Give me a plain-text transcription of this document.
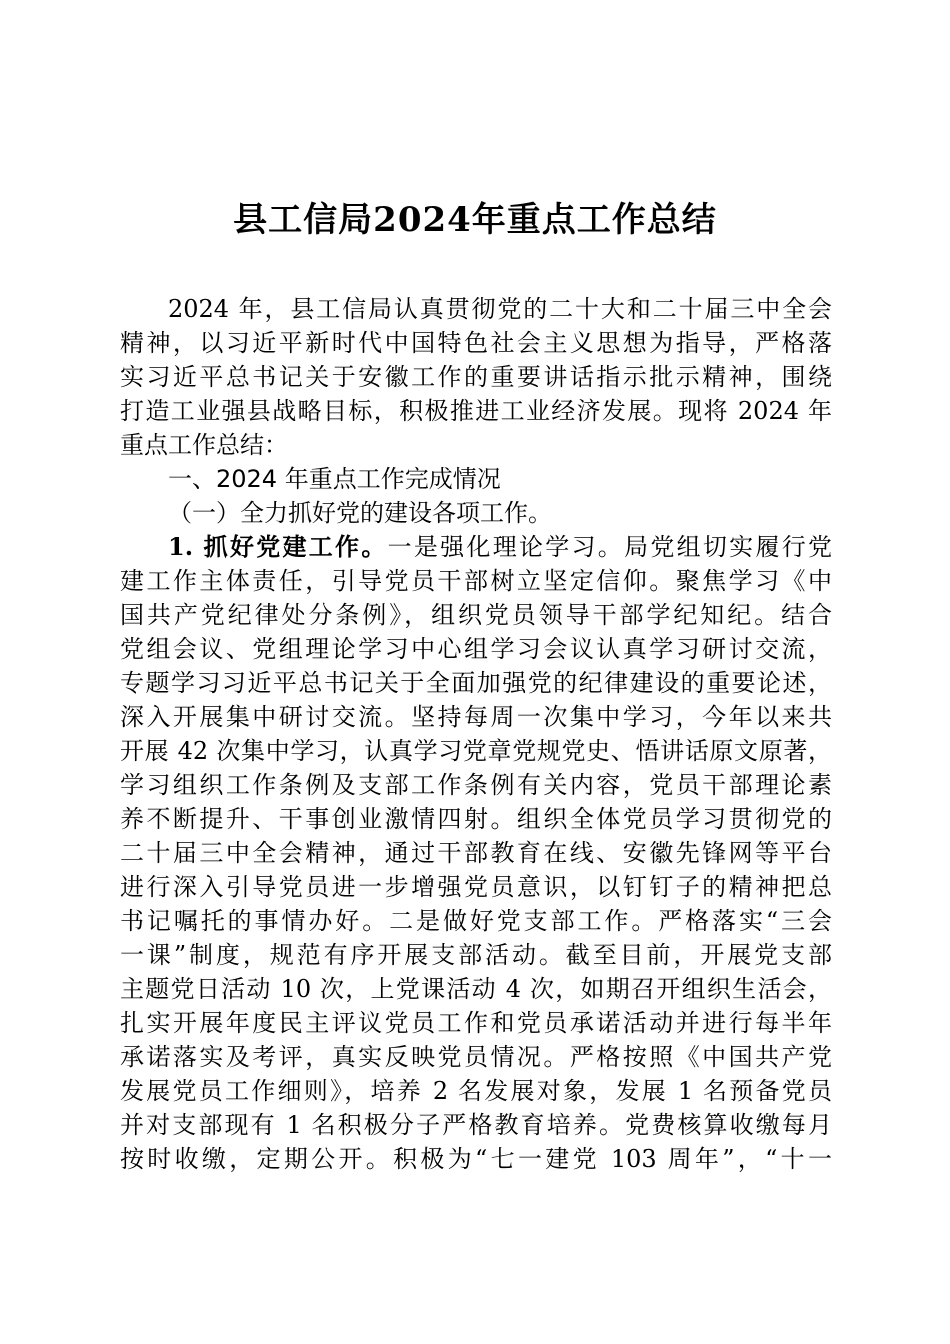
县工信局2024年重点工作总结
2024 年，县工信局认真贯彻党的二十大和二十届三中全会
精神，以习近平新时代中国特色社会主义思想为指导，严格落
实习近平总书记关于安徽工作的重要讲话指示批示精神，围绕
打造工业强县战略目标，积极推进工业经济发展。现将 2024 年
重点工作总结：
一、2024 年重点工作完成情况
（一）全力抓好党的建设各项工作。
1. 抓好党建工作。一是强化理论学习。局党组切实履行党
建工作主体责任，引导党员干部树立坚定信仰。聚焦学习《中
国共产党纪律处分条例》，组织党员领导干部学纪知纪。结合
党组会议、党组理论学习中心组学习会议认真学习研讨交流，
专题学习习近平总书记关于全面加强党的纪律建设的重要论述，
深入开展集中研讨交流。坚持每周一次集中学习，今年以来共
开展 42 次集中学习，认真学习党章党规党史、悟讲话原文原著，
学习组织工作条例及支部工作条例有关内容，党员干部理论素
养不断提升、干事创业激情四射。组织全体党员学习贯彻党的
二十届三中全会精神，通过干部教育在线、安徽先锋网等平台
进行深入引导党员进一步增强党员意识，以钉钉子的精神把总
书记嘱托的事情办好。二是做好党支部工作。严格落实“三会
一课”制度，规范有序开展支部活动。截至目前，开展党支部
主题党日活动 10 次，上党课活动 4 次，如期召开组织生活会，
扎实开展年度民主评议党员工作和党员承诺活动并进行每半年
承诺落实及考评，真实反映党员情况。严格按照《中国共产党
发展党员工作细则》，培养 2 名发展对象，发展 1 名预备党员
并对支部现有 1 名积极分子严格教育培养。党费核算收缴每月
按时收缴，定期公开。积极为“七一建党 103 周年”，“十一
